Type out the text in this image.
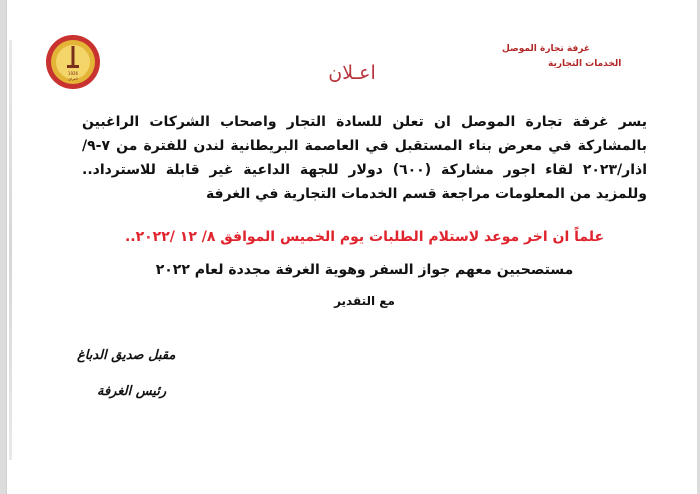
1926
العراق
غرفة تجارة الموصل
الخدمات التجارية
اعـلان

يسر غرفة تجارة الموصل ان تعلن للسادة التجار واصحاب الشركات الراغبين بالمشاركة في معرض بناء المستقبل في العاصمة البريطانية لندن للفترة من ٧-٩/اذار/٢٠٢٣ لقاء اجور مشاركة (٦٠٠) دولار للجهة الداعية غير قابلة للاسترداد.. وللمزيد من المعلومات مراجعة قسم الخدمات التجارية في الغرفة

علماً ان اخر موعد لاستلام الطلبات يوم الخميس الموافق ٨/ ١٢ /٢٠٢٢..
مستصحبين معهم جواز السفر وهوية الغرفة مجددة لعام ٢٠٢٢
مع التقدير
مقبل صديق الدباغ
رئيس الغرفة
